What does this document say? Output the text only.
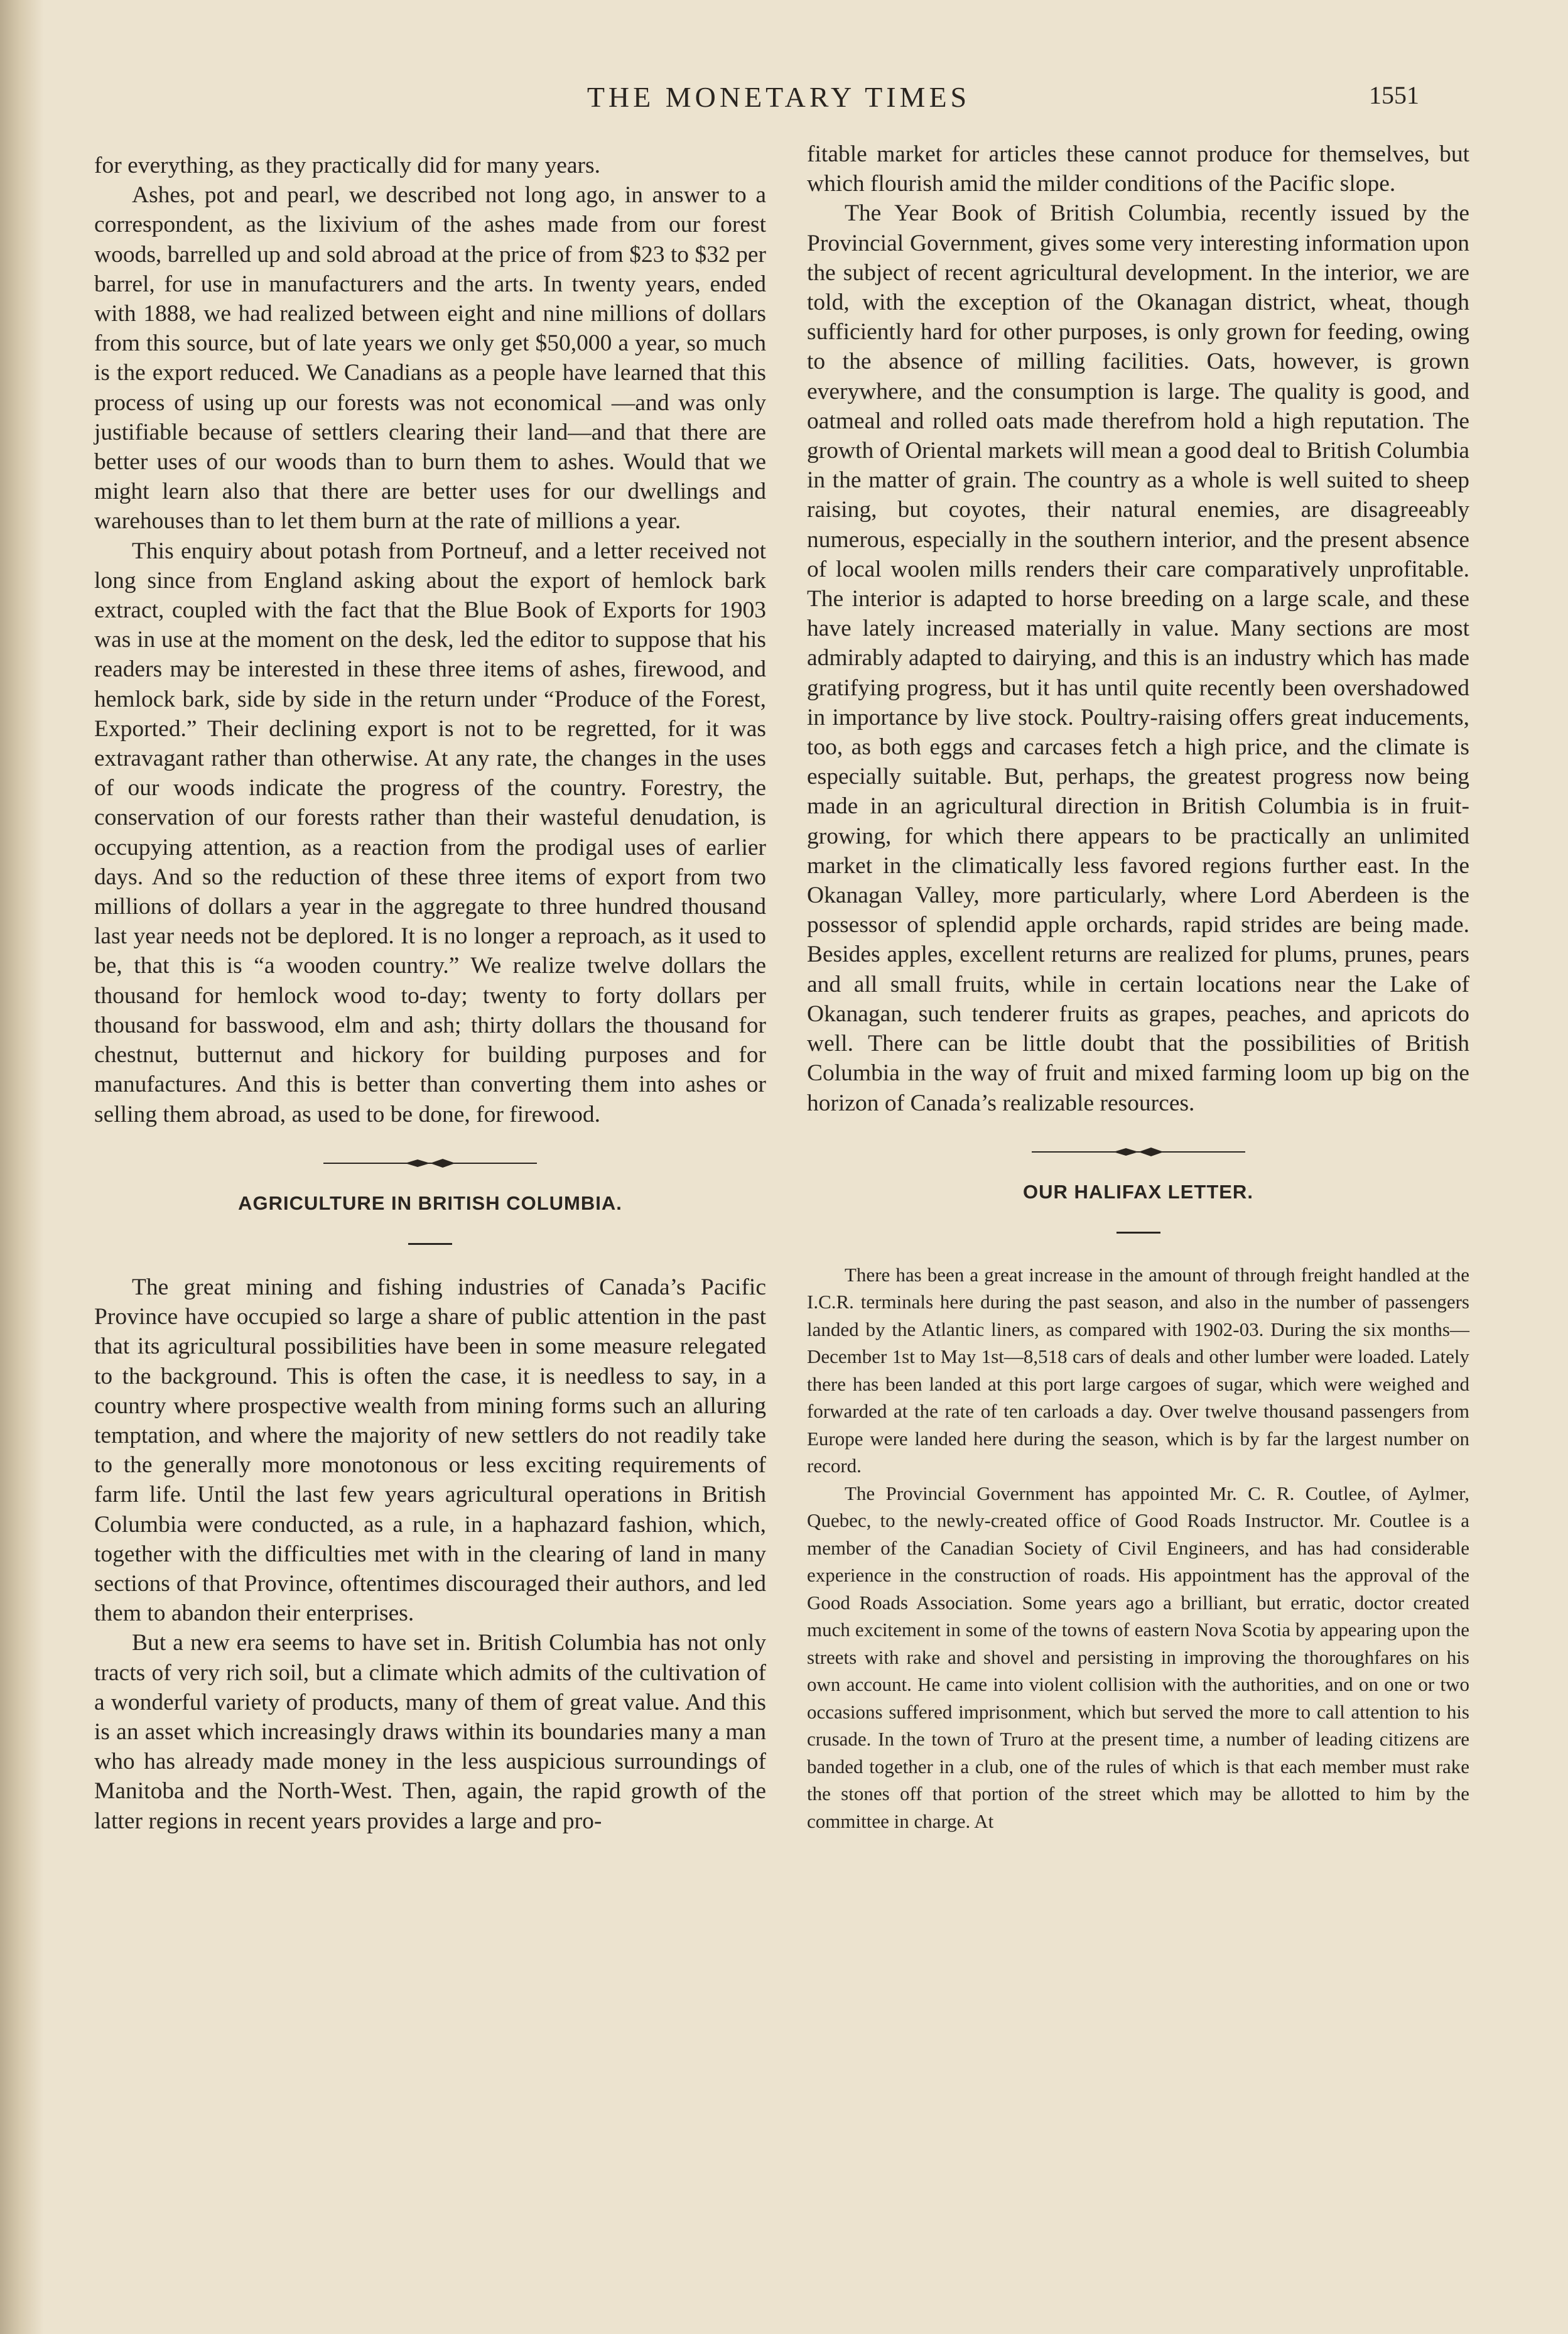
THE MONETARY TIMES	1551

for everything, as they practically did for many years.

Ashes, pot and pearl, we described not long ago, in answer to a correspondent, as the lixivium of the ashes made from our forest woods, barrelled up and sold abroad at the price of from $23 to $32 per barrel, for use in manufacturers and the arts. In twenty years, ended with 1888, we had realized between eight and nine millions of dollars from this source, but of late years we only get $50,000 a year, so much is the export reduced. We Canadians as a people have learned that this process of using up our forests was not economical —and was only justifiable because of settlers clearing their land—and that there are better uses of our woods than to burn them to ashes. Would that we might learn also that there are better uses for our dwellings and warehouses than to let them burn at the rate of millions a year.

This enquiry about potash from Portneuf, and a letter received not long since from England asking about the export of hemlock bark extract, coupled with the fact that the Blue Book of Exports for 1903 was in use at the moment on the desk, led the editor to suppose that his readers may be interested in these three items of ashes, firewood, and hemlock bark, side by side in the return under “Produce of the Forest, Exported.” Their declining export is not to be regretted, for it was extravagant rather than otherwise. At any rate, the changes in the uses of our woods indicate the progress of the country. Forestry, the conservation of our forests rather than their wasteful denudation, is occupying attention, as a reaction from the prodigal uses of earlier days. And so the reduction of these three items of export from two millions of dollars a year in the aggregate to three hundred thousand last year needs not be deplored. It is no longer a reproach, as it used to be, that this is “a wooden country.” We realize twelve dollars the thousand for hemlock wood to-day; twenty to forty dollars per thousand for basswood, elm and ash; thirty dollars the thousand for chestnut, butternut and hickory for building purposes and for manufactures. And this is better than converting them into ashes or selling them abroad, as used to be done, for firewood.

AGRICULTURE IN BRITISH COLUMBIA.

The great mining and fishing industries of Canada’s Pacific Province have occupied so large a share of public attention in the past that its agricultural possibilities have been in some measure relegated to the background. This is often the case, it is needless to say, in a country where prospective wealth from mining forms such an alluring temptation, and where the majority of new settlers do not readily take to the generally more monotonous or less exciting requirements of farm life. Until the last few years agricultural operations in British Columbia were conducted, as a rule, in a haphazard fashion, which, together with the difficulties met with in the clearing of land in many sections of that Province, oftentimes discouraged their authors, and led them to abandon their enterprises.

But a new era seems to have set in. British Columbia has not only tracts of very rich soil, but a climate which admits of the cultivation of a wonderful variety of products, many of them of great value. And this is an asset which increasingly draws within its boundaries many a man who has already made money in the less auspicious surroundings of Manitoba and the North-West. Then, again, the rapid growth of the latter regions in recent years provides a large and pro-

fitable market for articles these cannot produce for themselves, but which flourish amid the milder conditions of the Pacific slope.

The Year Book of British Columbia, recently issued by the Provincial Government, gives some very interesting information upon the subject of recent agricultural development. In the interior, we are told, with the exception of the Okanagan district, wheat, though sufficiently hard for other purposes, is only grown for feeding, owing to the absence of milling facilities. Oats, however, is grown everywhere, and the consumption is large. The quality is good, and oatmeal and rolled oats made therefrom hold a high reputation. The growth of Oriental markets will mean a good deal to British Columbia in the matter of grain. The country as a whole is well suited to sheep raising, but coyotes, their natural enemies, are disagreeably numerous, especially in the southern interior, and the present absence of local woolen mills renders their care comparatively unprofitable. The interior is adapted to horse breeding on a large scale, and these have lately increased materially in value. Many sections are most admirably adapted to dairying, and this is an industry which has made gratifying progress, but it has until quite recently been overshadowed in importance by live stock. Poultry-raising offers great inducements, too, as both eggs and carcases fetch a high price, and the climate is especially suitable. But, perhaps, the greatest progress now being made in an agricultural direction in British Columbia is in fruit-growing, for which there appears to be practically an unlimited market in the climatically less favored regions further east. In the Okanagan Valley, more particularly, where Lord Aberdeen is the possessor of splendid apple orchards, rapid strides are being made. Besides apples, excellent returns are realized for plums, prunes, pears and all small fruits, while in certain locations near the Lake of Okanagan, such tenderer fruits as grapes, peaches, and apricots do well. There can be little doubt that the possibilities of British Columbia in the way of fruit and mixed farming loom up big on the horizon of Canada’s realizable resources.

OUR HALIFAX LETTER.

There has been a great increase in the amount of through freight handled at the I.C.R. terminals here during the past season, and also in the number of passengers landed by the Atlantic liners, as compared with 1902-03. During the six months—December 1st to May 1st—8,518 cars of deals and other lumber were loaded. Lately there has been landed at this port large cargoes of sugar, which were weighed and forwarded at the rate of ten carloads a day. Over twelve thousand passengers from Europe were landed here during the season, which is by far the largest number on record.

The Provincial Government has appointed Mr. C. R. Coutlee, of Aylmer, Quebec, to the newly-created office of Good Roads Instructor. Mr. Coutlee is a member of the Canadian Society of Civil Engineers, and has had considerable experience in the construction of roads. His appointment has the approval of the Good Roads Association. Some years ago a brilliant, but erratic, doctor created much excitement in some of the towns of eastern Nova Scotia by appearing upon the streets with rake and shovel and persisting in improving the thoroughfares on his own account. He came into violent collision with the authorities, and on one or two occasions suffered imprisonment, which but served the more to call attention to his crusade. In the town of Truro at the present time, a number of leading citizens are banded together in a club, one of the rules of which is that each member must rake the stones off that portion of the street which may be allotted to him by the committee in charge. At
